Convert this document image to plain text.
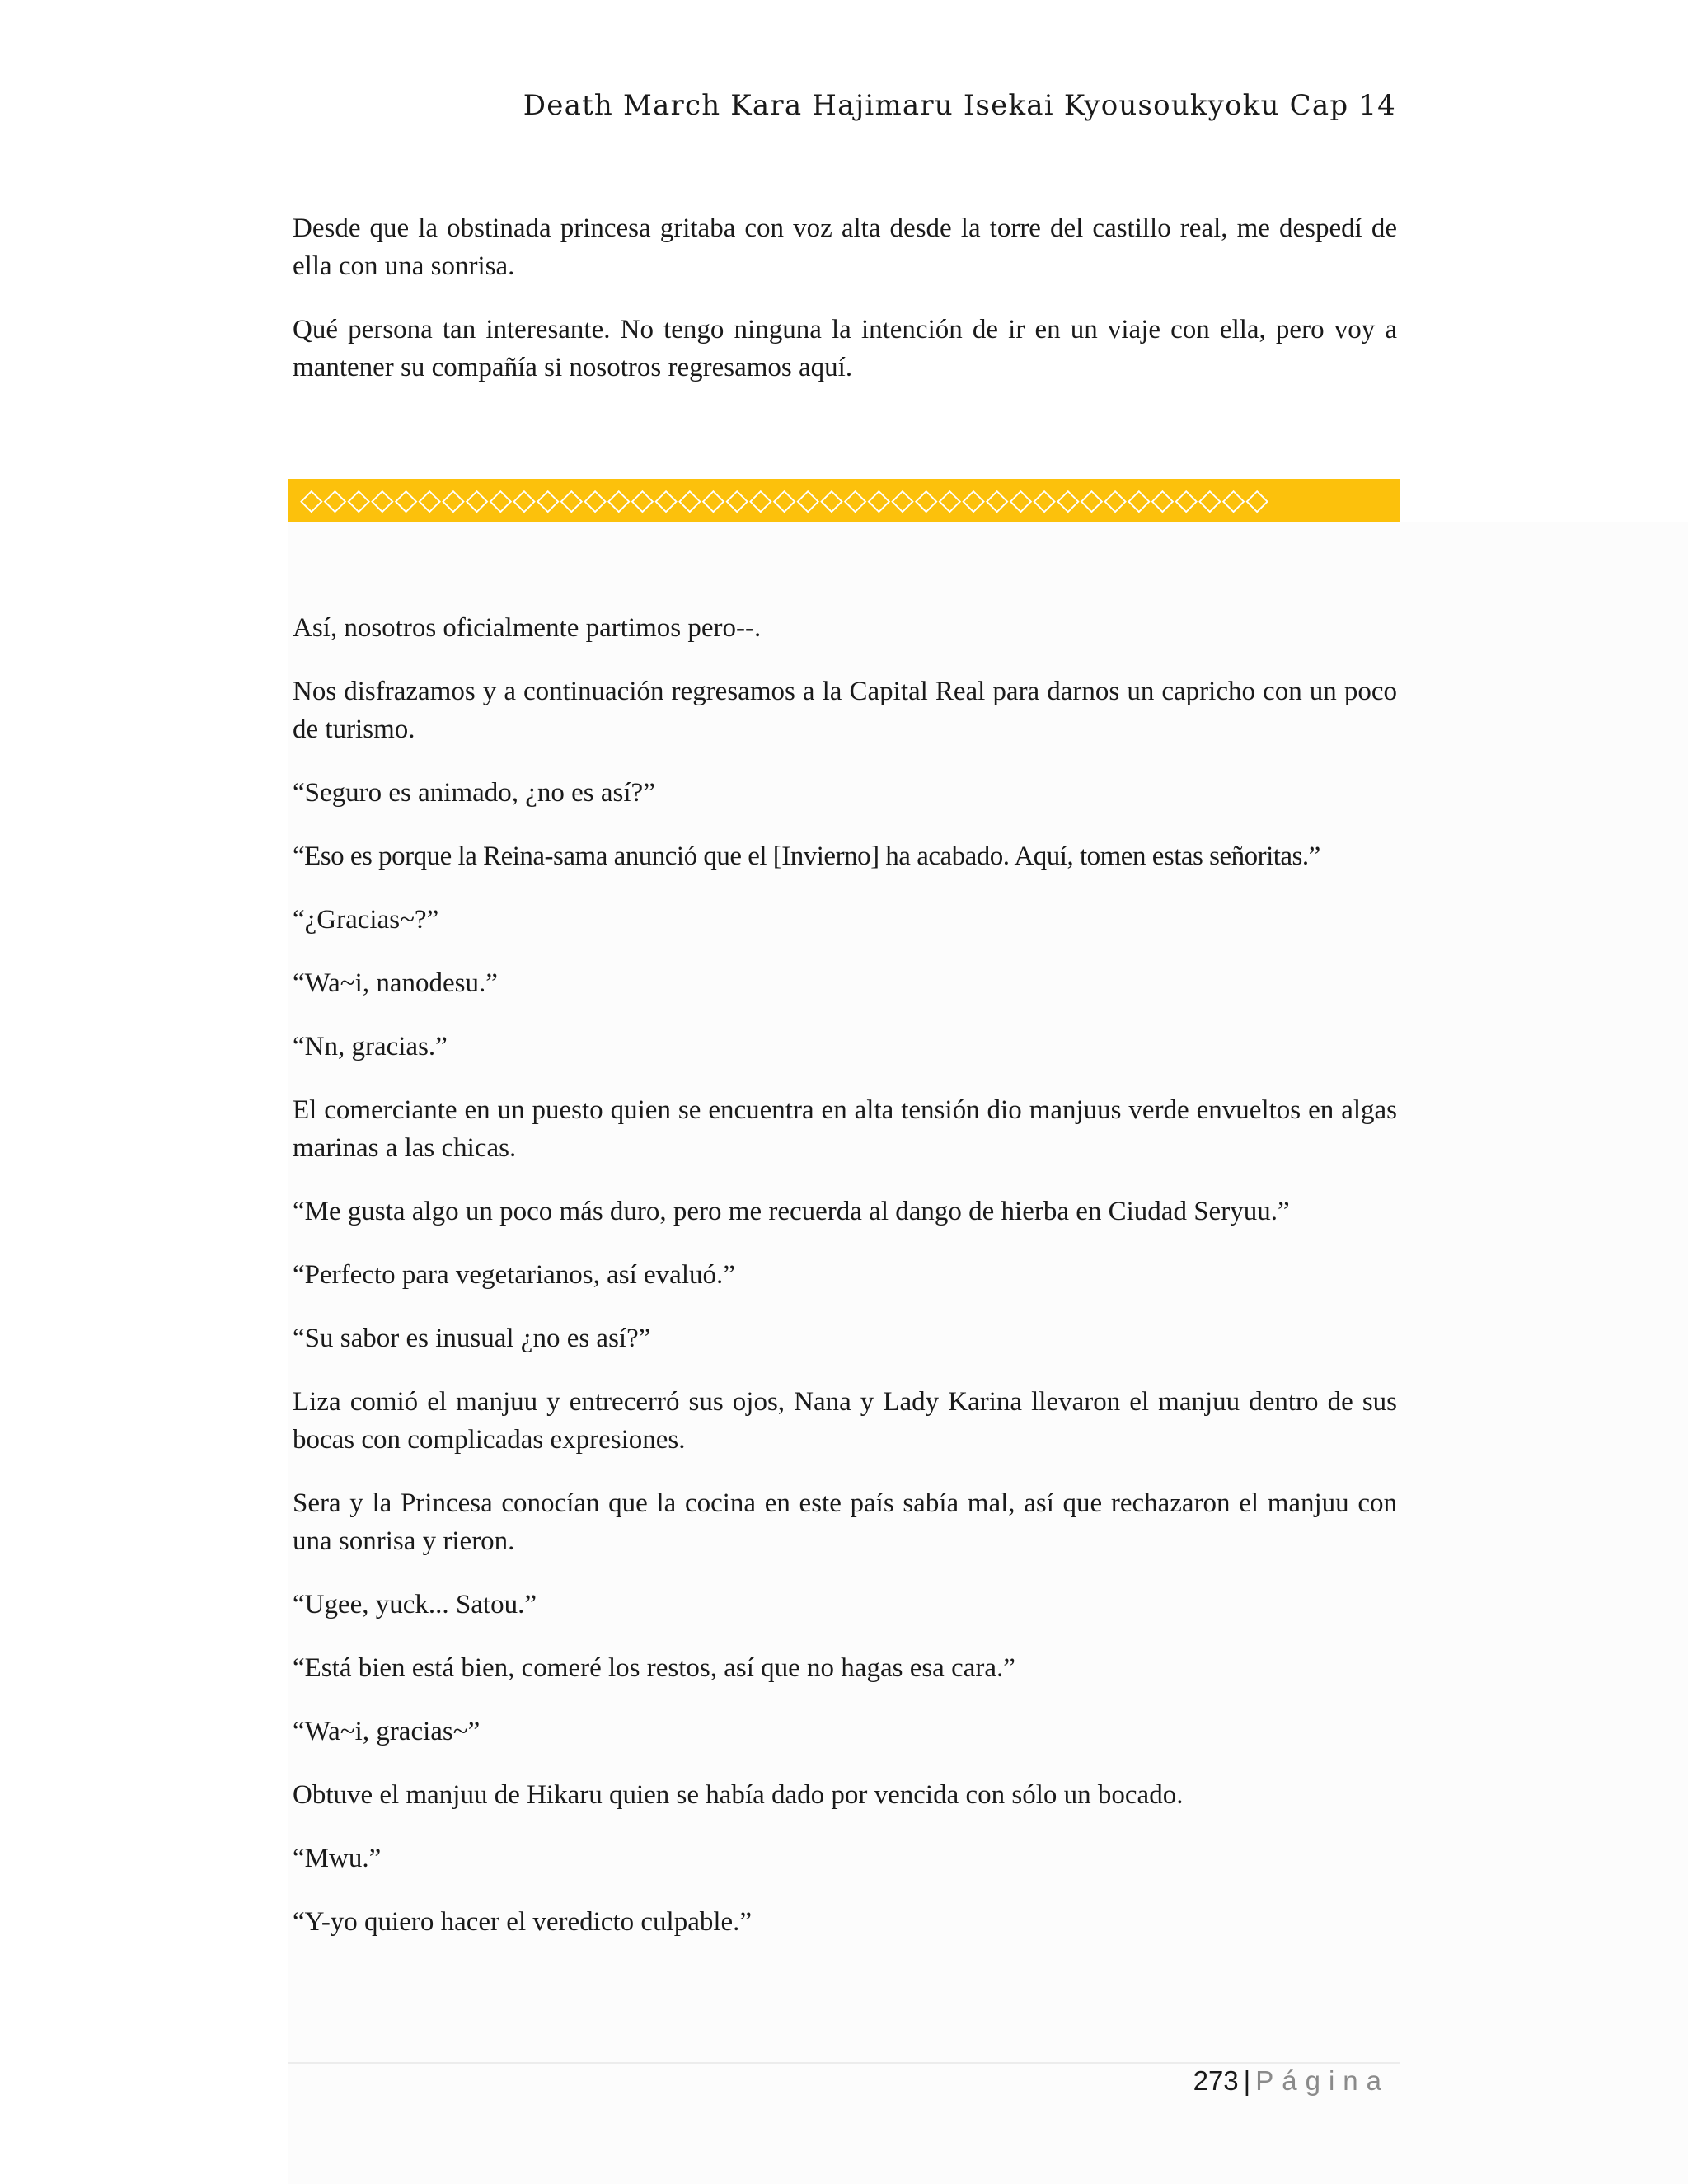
Death March Kara Hajimaru Isekai Kyousoukyoku Cap 14

Desde que la obstinada princesa gritaba con voz alta desde la torre del castillo real, me despedí de ella con una sonrisa.

Qué persona tan interesante. No tengo ninguna la intención de ir en un viaje con ella, pero voy a mantener su compañía si nosotros regresamos aquí.

◇◇◇◇◇◇◇◇◇◇◇◇◇◇◇◇◇◇◇◇◇◇◇◇◇◇◇◇◇◇◇◇◇◇◇◇◇◇◇◇◇

Así, nosotros oficialmente partimos pero--.

Nos disfrazamos y a continuación regresamos a la Capital Real para darnos un capricho con un poco de turismo.

“Seguro es animado, ¿no es así?”

“Eso es porque la Reina-sama anunció que el [Invierno] ha acabado. Aquí, tomen estas señoritas.”

“¿Gracias~?”

“Wa~i, nanodesu.”

“Nn, gracias.”

El comerciante en un puesto quien se encuentra en alta tensión dio manjuus verde envueltos en algas marinas a las chicas.

“Me gusta algo un poco más duro, pero me recuerda al dango de hierba en Ciudad Seryuu.”

“Perfecto para vegetarianos, así evaluó.”

“Su sabor es inusual ¿no es así?”

Liza comió el manjuu y entrecerró sus ojos, Nana y Lady Karina llevaron el manjuu dentro de sus bocas con complicadas expresiones.

Sera y la Princesa conocían que la cocina en este país sabía mal, así que rechazaron el manjuu con una sonrisa y rieron.

“Ugee, yuck... Satou.”

“Está bien está bien, comeré los restos, así que no hagas esa cara.”

“Wa~i, gracias~”

Obtuve el manjuu de Hikaru quien se había dado por vencida con sólo un bocado.

“Mwu.”

“Y-yo quiero hacer el veredicto culpable.”

273 | Página
